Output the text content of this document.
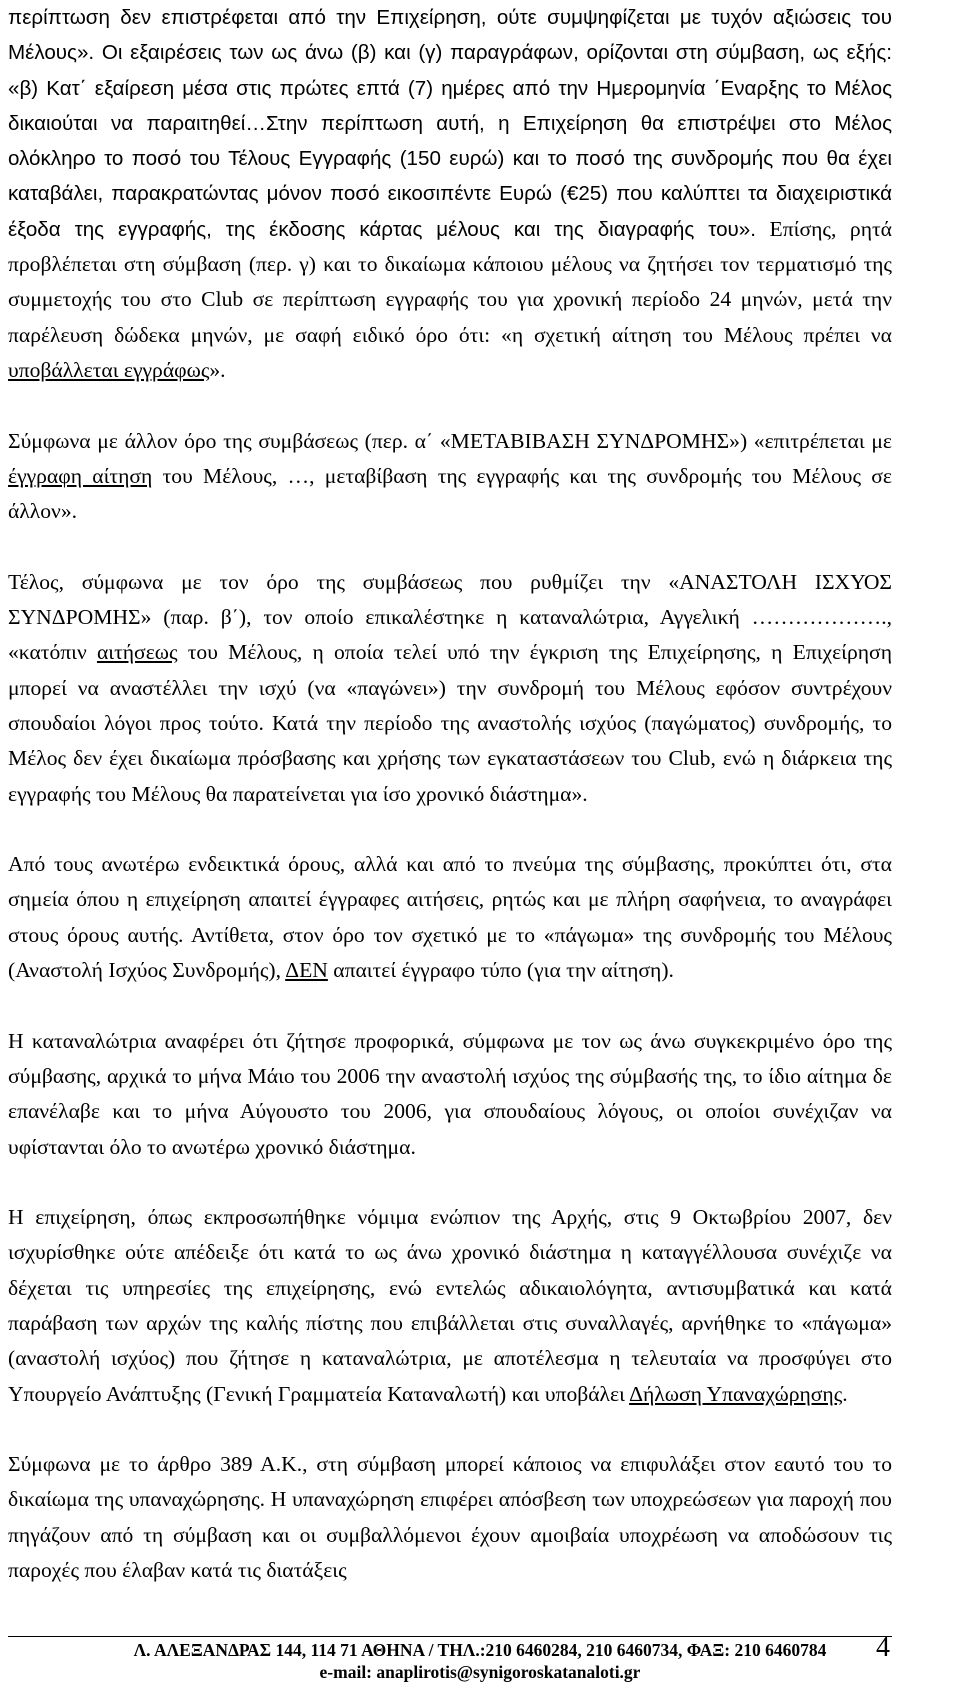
περίπτωση δεν επιστρέφεται από την Επιχείρηση, ούτε συμψηφίζεται με τυχόν αξιώσεις του Μέλους». Οι εξαιρέσεις των ως άνω (β) και (γ) παραγράφων, ορίζονται στη σύμβαση, ως εξής: «β) Κατ΄ εξαίρεση μέσα στις πρώτες επτά (7) ημέρες από την Ημερομηνία ΄Εναρξης το Μέλος δικαιούται να παραιτηθεί…Στην περίπτωση αυτή, η Επιχείρηση θα επιστρέψει στο Μέλος ολόκληρο το ποσό του Τέλους Εγγραφής (150 ευρώ) και το ποσό της συνδρομής που θα έχει καταβάλει, παρακρατώντας μόνον ποσό εικοσιπέντε Ευρώ (€25) που καλύπτει τα διαχειριστικά έξοδα της εγγραφής, της έκδοσης κάρτας μέλους και της διαγραφής του». Επίσης, ρητά προβλέπεται στη σύμβαση (περ. γ) και το δικαίωμα κάποιου μέλους να ζητήσει τον τερματισμό της συμμετοχής του στο Club σε περίπτωση εγγραφής του για χρονική περίοδο 24 μηνών, μετά την παρέλευση δώδεκα μηνών, με σαφή ειδικό όρο ότι: «η σχετική αίτηση του Μέλους πρέπει να υποβάλλεται εγγράφως».

Σύμφωνα με άλλον όρο της συμβάσεως (περ. α΄ «ΜΕΤΑΒΙΒΑΣΗ ΣΥΝΔΡΟΜΗΣ») «επιτρέπεται με έγγραφη αίτηση του Μέλους, …, μεταβίβαση της εγγραφής και της συνδρομής του Μέλους σε άλλον».

Τέλος, σύμφωνα με τον όρο της συμβάσεως που ρυθμίζει την «ΑΝΑΣΤΟΛΗ ΙΣΧΥΟΣ ΣΥΝΔΡΟΜΗΣ» (παρ. β΄), τον οποίο επικαλέστηκε η καταναλώτρια, Αγγελική ………………., «κατόπιν αιτήσεως του Μέλους, η οποία τελεί υπό την έγκριση της Επιχείρησης, η Επιχείρηση μπορεί να αναστέλλει την ισχύ (να «παγώνει») την συνδρομή του Μέλους εφόσον συντρέχουν σπουδαίοι λόγοι προς τούτο. Κατά την περίοδο της αναστολής ισχύος (παγώματος) συνδρομής, το Μέλος δεν έχει δικαίωμα πρόσβασης και χρήσης των εγκαταστάσεων του Club, ενώ η διάρκεια της εγγραφής του Μέλους θα παρατείνεται για ίσο χρονικό διάστημα».

Από τους ανωτέρω ενδεικτικά όρους, αλλά και από το πνεύμα της σύμβασης, προκύπτει ότι, στα σημεία όπου η επιχείρηση απαιτεί έγγραφες αιτήσεις, ρητώς και με πλήρη σαφήνεια, το αναγράφει στους όρους αυτής. Αντίθετα, στον όρο τον σχετικό με το «πάγωμα» της συνδρομής του Μέλους (Αναστολή Ισχύος Συνδρομής), ΔΕΝ απαιτεί έγγραφο τύπο (για την αίτηση).

Η καταναλώτρια αναφέρει ότι ζήτησε προφορικά, σύμφωνα με τον ως άνω συγκεκριμένο όρο της σύμβασης, αρχικά το μήνα Μάιο του 2006 την αναστολή ισχύος της σύμβασής της, το ίδιο αίτημα δε επανέλαβε και το μήνα Αύγουστο του 2006, για σπουδαίους λόγους, οι οποίοι συνέχιζαν να υφίστανται όλο το ανωτέρω χρονικό διάστημα.

Η επιχείρηση, όπως εκπροσωπήθηκε νόμιμα ενώπιον της Αρχής, στις 9 Οκτωβρίου 2007, δεν ισχυρίσθηκε ούτε απέδειξε ότι κατά το ως άνω χρονικό διάστημα η καταγγέλλουσα συνέχιζε να δέχεται τις υπηρεσίες της επιχείρησης, ενώ εντελώς αδικαιολόγητα, αντισυμβατικά και κατά παράβαση των αρχών της καλής πίστης που επιβάλλεται στις συναλλαγές, αρνήθηκε το «πάγωμα» (αναστολή ισχύος) που ζήτησε η καταναλώτρια, με αποτέλεσμα η τελευταία να προσφύγει στο Υπουργείο Ανάπτυξης (Γενική Γραμματεία Καταναλωτή) και υποβάλει Δήλωση Υπαναχώρησης.

Σύμφωνα με το άρθρο 389 Α.Κ., στη σύμβαση μπορεί κάποιος να επιφυλάξει στον εαυτό του το δικαίωμα της υπαναχώρησης. Η υπαναχώρηση επιφέρει απόσβεση των υποχρεώσεων για παροχή που πηγάζουν από τη σύμβαση και οι συμβαλλόμενοι έχουν αμοιβαία υποχρέωση να αποδώσουν τις παροχές που έλαβαν κατά τις διατάξεις

Λ. ΑΛΕΞΑΝΔΡΑΣ 144, 114 71 ΑΘΗΝΑ / ΤΗΛ.:210 6460284, 210 6460734, ΦΑΞ: 210 6460784
e-mail: anaplirotis@synigoroskatanaloti.gr
4
